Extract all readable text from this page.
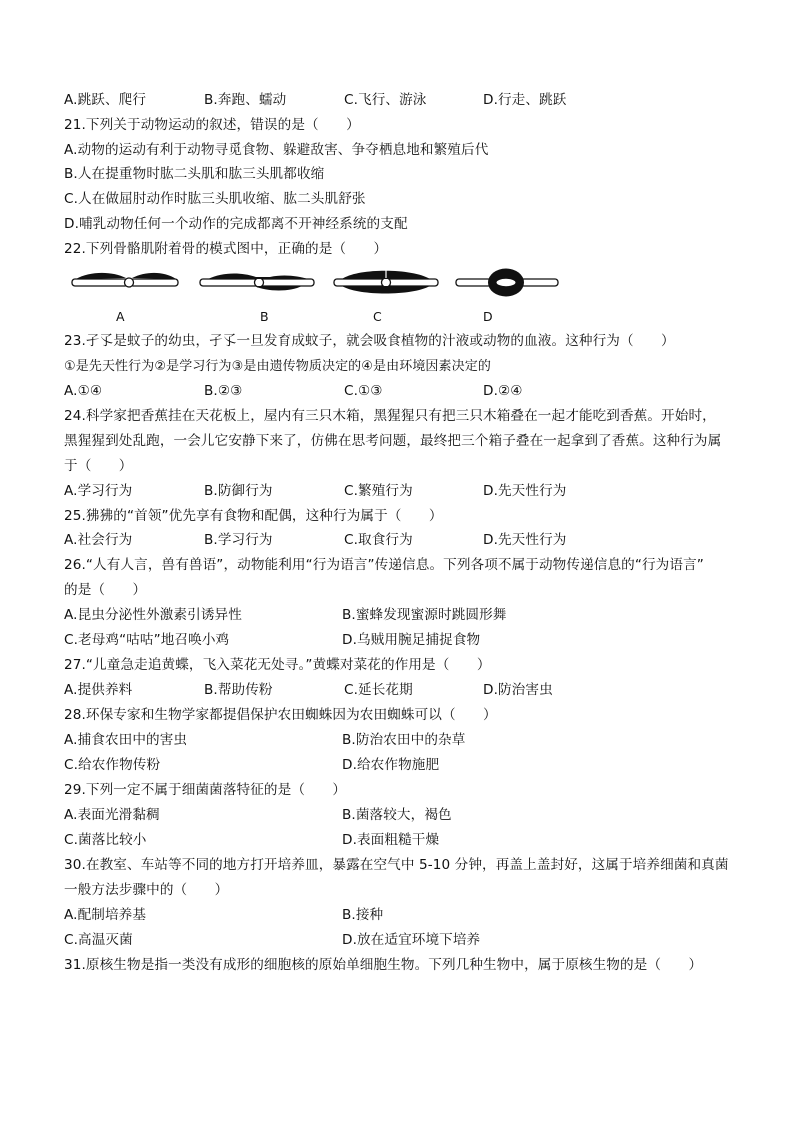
A.跳跃、爬行	B.奔跑、蠕动	C.飞行、游泳	D.行走、跳跃
21.下列关于动物运动的叙述，错误的是（　　）
A.动物的运动有利于动物寻觅食物、躲避敌害、争夺栖息地和繁殖后代
B.人在提重物时肱二头肌和肱三头肌都收缩
C.人在做屈肘动作时肱三头肌收缩、肱二头肌舒张
D.哺乳动物任何一个动作的完成都离不开神经系统的支配
22.下列骨骼肌附着骨的模式图中，正确的是（　　）
A	B	C	D
23.孑孓是蚊子的幼虫，孑孓一旦发育成蚊子，就会吸食植物的汁液或动物的血液。这种行为（　　）
①是先天性行为②是学习行为③是由遗传物质决定的④是由环境因素决定的
A.①④	B.②③	C.①③	D.②④
24.科学家把香蕉挂在天花板上，屋内有三只木箱，黑猩猩只有把三只木箱叠在一起才能吃到香蕉。开始时，
黑猩猩到处乱跑，一会儿它安静下来了，仿佛在思考问题，最终把三个箱子叠在一起拿到了香蕉。这种行为属
于（　　）
A.学习行为	B.防御行为	C.繁殖行为	D.先天性行为
25.狒狒的“首领”优先享有食物和配偶，这种行为属于（　　）
A.社会行为	B.学习行为	C.取食行为	D.先天性行为
26.“人有人言，兽有兽语”，动物能利用“行为语言”传递信息。下列各项不属于动物传递信息的“行为语言”
的是（　　）
A.昆虫分泌性外激素引诱异性	B.蜜蜂发现蜜源时跳圆形舞
C.老母鸡“咕咕”地召唤小鸡	D.乌贼用腕足捕捉食物
27.“儿童急走追黄蝶，飞入菜花无处寻。”黄蝶对菜花的作用是（　　）
A.提供养料	B.帮助传粉	C.延长花期	D.防治害虫
28.环保专家和生物学家都提倡保护农田蜘蛛因为农田蜘蛛可以（　　）
A.捕食农田中的害虫	B.防治农田中的杂草
C.给农作物传粉	D.给农作物施肥
29.下列一定不属于细菌菌落特征的是（　　）
A.表面光滑黏稠	B.菌落较大，褐色
C.菌落比较小	D.表面粗糙干燥
30.在教室、车站等不同的地方打开培养皿，暴露在空气中 5-10 分钟，再盖上盖封好，这属于培养细菌和真菌
一般方法步骤中的（　　）
A.配制培养基	B.接种
C.高温灭菌	D.放在适宜环境下培养
31.原核生物是指一类没有成形的细胞核的原始单细胞生物。下列几种生物中，属于原核生物的是（　　）
